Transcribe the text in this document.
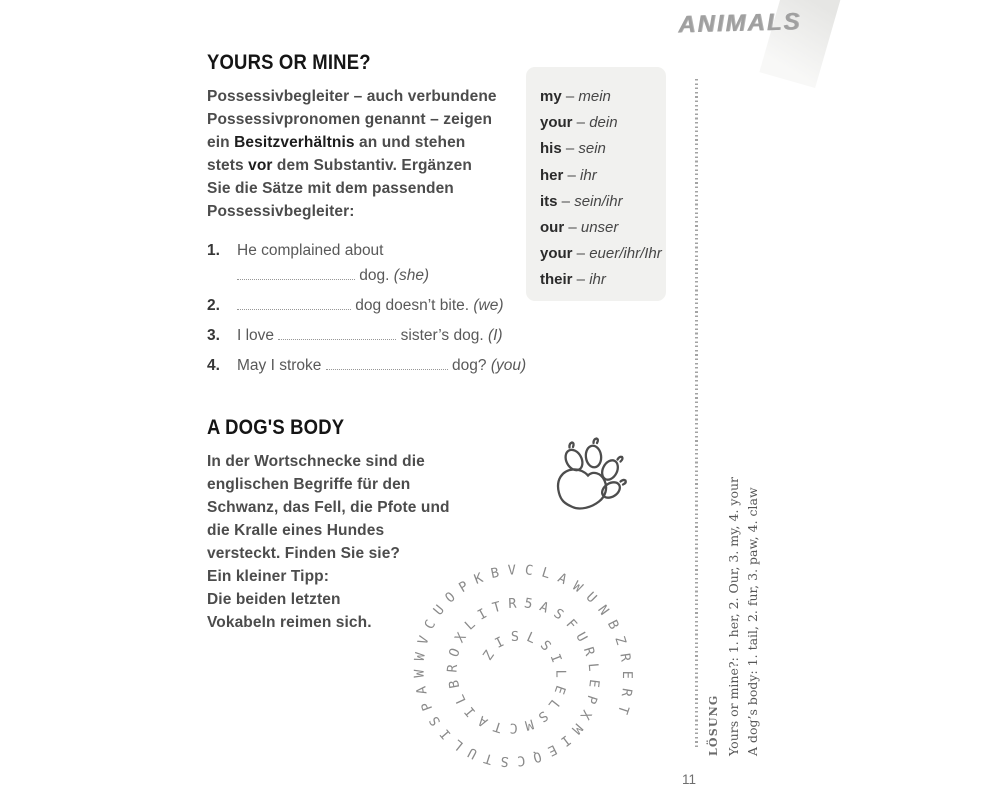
ANIMALS
YOURS OR MINE?
Possessivbegleiter – auch verbundene
Possessivpronomen genannt – zeigen
ein Besitzverhältnis an und stehen
stets vor dem Substantiv. Ergänzen
Sie die Sätze mit dem passenden
Possessivbegleiter:
my – mein
your – dein
his – sein
her – ihr
its – sein/ihr
our – unser
your – euer/ihr/Ihr
their – ihr
1. He complained about
dog. (she)
2.	dog doesn’t bite. (we)
3. I love	sister’s dog. (I)
4. May I stroke	dog? (you)
A DOG'S BODY
In der Wortschnecke sind die
englischen Begriffe für den
Schwanz, das Fell, die Pfote und
die Kralle eines Hundes
versteckt. Finden Sie sie?
Ein kleiner Tipp:
Die beiden letzten
Vokabeln reimen sich.
Z
I S L
S
I
L
E
L
S
M
C
T
A
I
L
B
R
O
X
L
I T R 5 A S
F
U
R
L
E
P
X
M
I
E
Q
C
S
T
U
L
I
S
P
A
W
W
V
C
U
O
P K B V C L A W
U
N
B
Z
R
E
R
T	LÖSUNG Yours or mine?: 1. her, 2. Our, 3. my, 4. your A dog’s body: 1. tail, 2. fur, 3. paw, 4. claw
11
